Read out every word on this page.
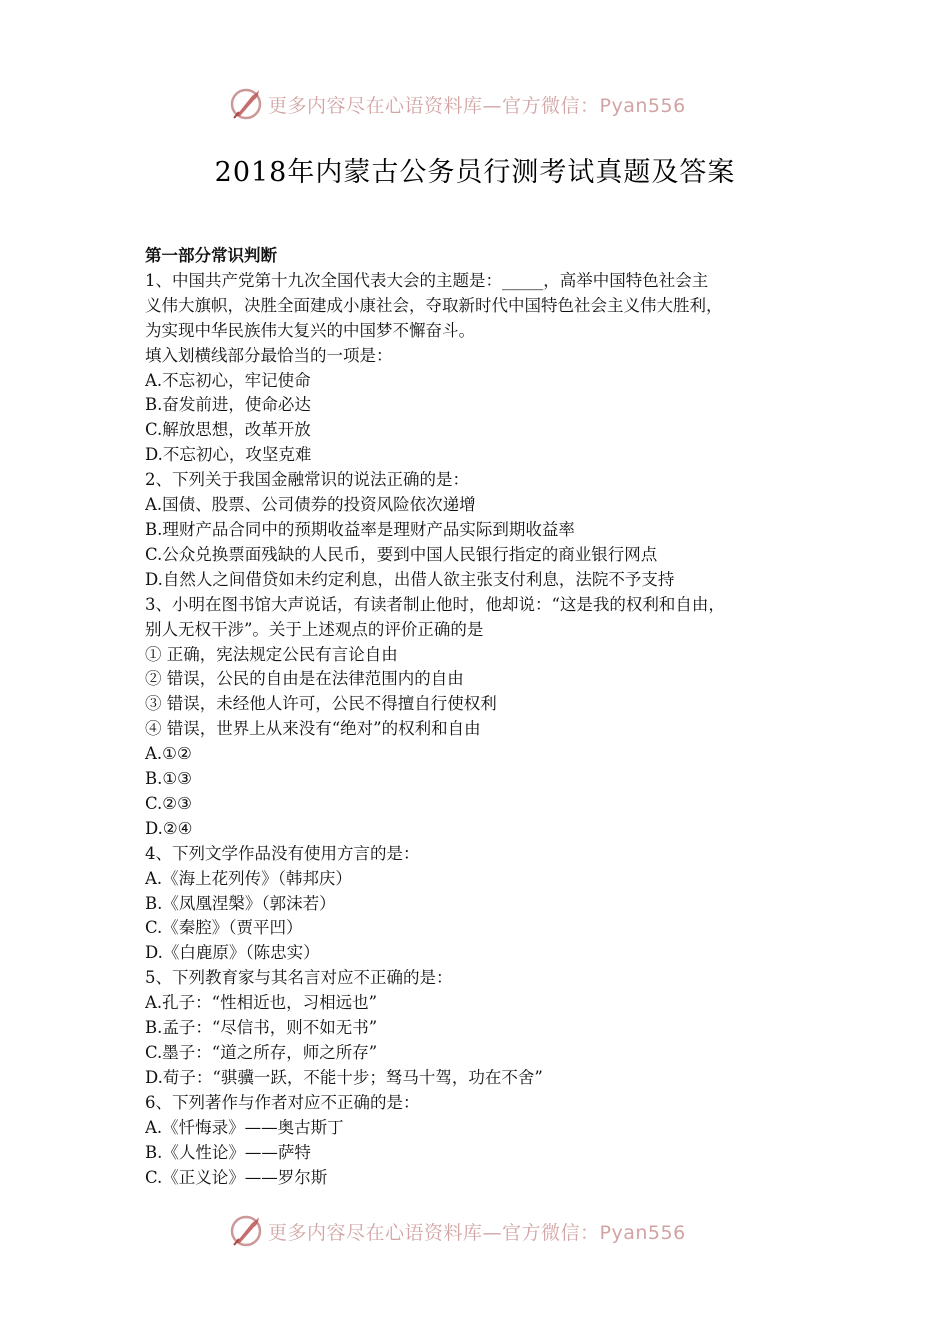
更多内容尽在心语资料库—官方微信：Pyan556
2018年内蒙古公务员行测考试真题及答案
第一部分常识判断
1、中国共产党第十九次全国代表大会的主题是：_____，高举中国特色社会主
义伟大旗帜，决胜全面建成小康社会，夺取新时代中国特色社会主义伟大胜利，
为实现中华民族伟大复兴的中国梦不懈奋斗。
填入划横线部分最恰当的一项是：
A.不忘初心，牢记使命
B.奋发前进，使命必达
C.解放思想，改革开放
D.不忘初心，攻坚克难
2、下列关于我国金融常识的说法正确的是：
A.国债、股票、公司债券的投资风险依次递增
B.理财产品合同中的预期收益率是理财产品实际到期收益率
C.公众兑换票面残缺的人民币，要到中国人民银行指定的商业银行网点
D.自然人之间借贷如未约定利息，出借人欲主张支付利息，法院不予支持
3、小明在图书馆大声说话，有读者制止他时，他却说：“这是我的权利和自由，
别人无权干涉”。关于上述观点的评价正确的是
① 正确，宪法规定公民有言论自由
② 错误，公民的自由是在法律范围内的自由
③ 错误，未经他人许可，公民不得擅自行使权利
④ 错误，世界上从来没有“绝对”的权利和自由
A.①②
B.①③
C.②③
D.②④
4、下列文学作品没有使用方言的是：
A.《海上花列传》（韩邦庆）
B.《凤凰涅槃》（郭沫若）
C.《秦腔》（贾平凹）
D.《白鹿原》（陈忠实）
5、下列教育家与其名言对应不正确的是：
A.孔子：“性相近也，习相远也”
B.孟子：“尽信书，则不如无书”
C.墨子：“道之所存，师之所存”
D.荀子：“骐骥一跃，不能十步；驽马十驾，功在不舍”
6、下列著作与作者对应不正确的是：
A.《忏悔录》——奥古斯丁
B.《人性论》——萨特
C.《正义论》——罗尔斯
更多内容尽在心语资料库—官方微信：Pyan556
